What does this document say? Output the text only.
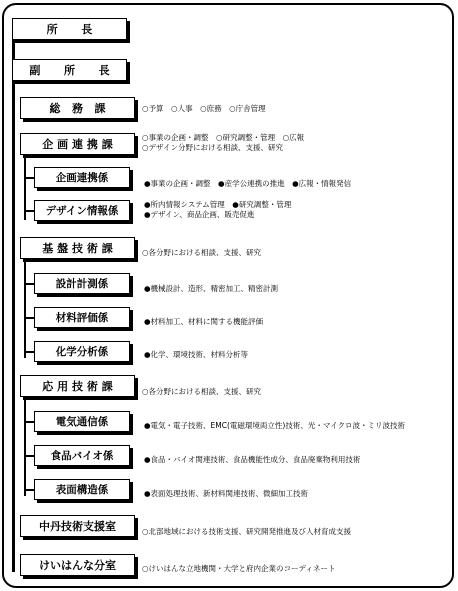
所 長
副 所 長
総 務 課	○予算　○人事　○庶務　○庁舎管理
企画連携課
○事業の企画・調整　○研究調整・管理　○広報
○デザイン分野における相談、支援、研究
企画連携係	●事業の企画・調整　●産学公連携の推進　●広報・情報発信
デザイン情報係
●所内情報システム管理　●研究調整・管理
●デザイン、商品企画、販売促進
基盤技術課	○各分野における相談、支援、研究
設計計測係	●機械設計、造形、精密加工、精密計測
材料評価係	●材料加工、材料に関する機能評価
化学分析係	●化学、環境技術、材料分析等
応用技術課	○各分野における相談、支援、研究
電気通信係	●電気・電子技術、EMC(電磁環境両立性)技術、光・マイクロ波・ミリ波技術
食品バイオ係	●食品・バイオ関連技術、食品機能性成分、食品廃棄物利用技術
表面構造係	●表面処理技術、新材料関連技術、微細加工技術
中丹技術支援室	○北部地域における技術支援、研究開発推進及び人材育成支援
けいはんな分室	○けいはんな立地機関・大学と府内企業のコーディネート
